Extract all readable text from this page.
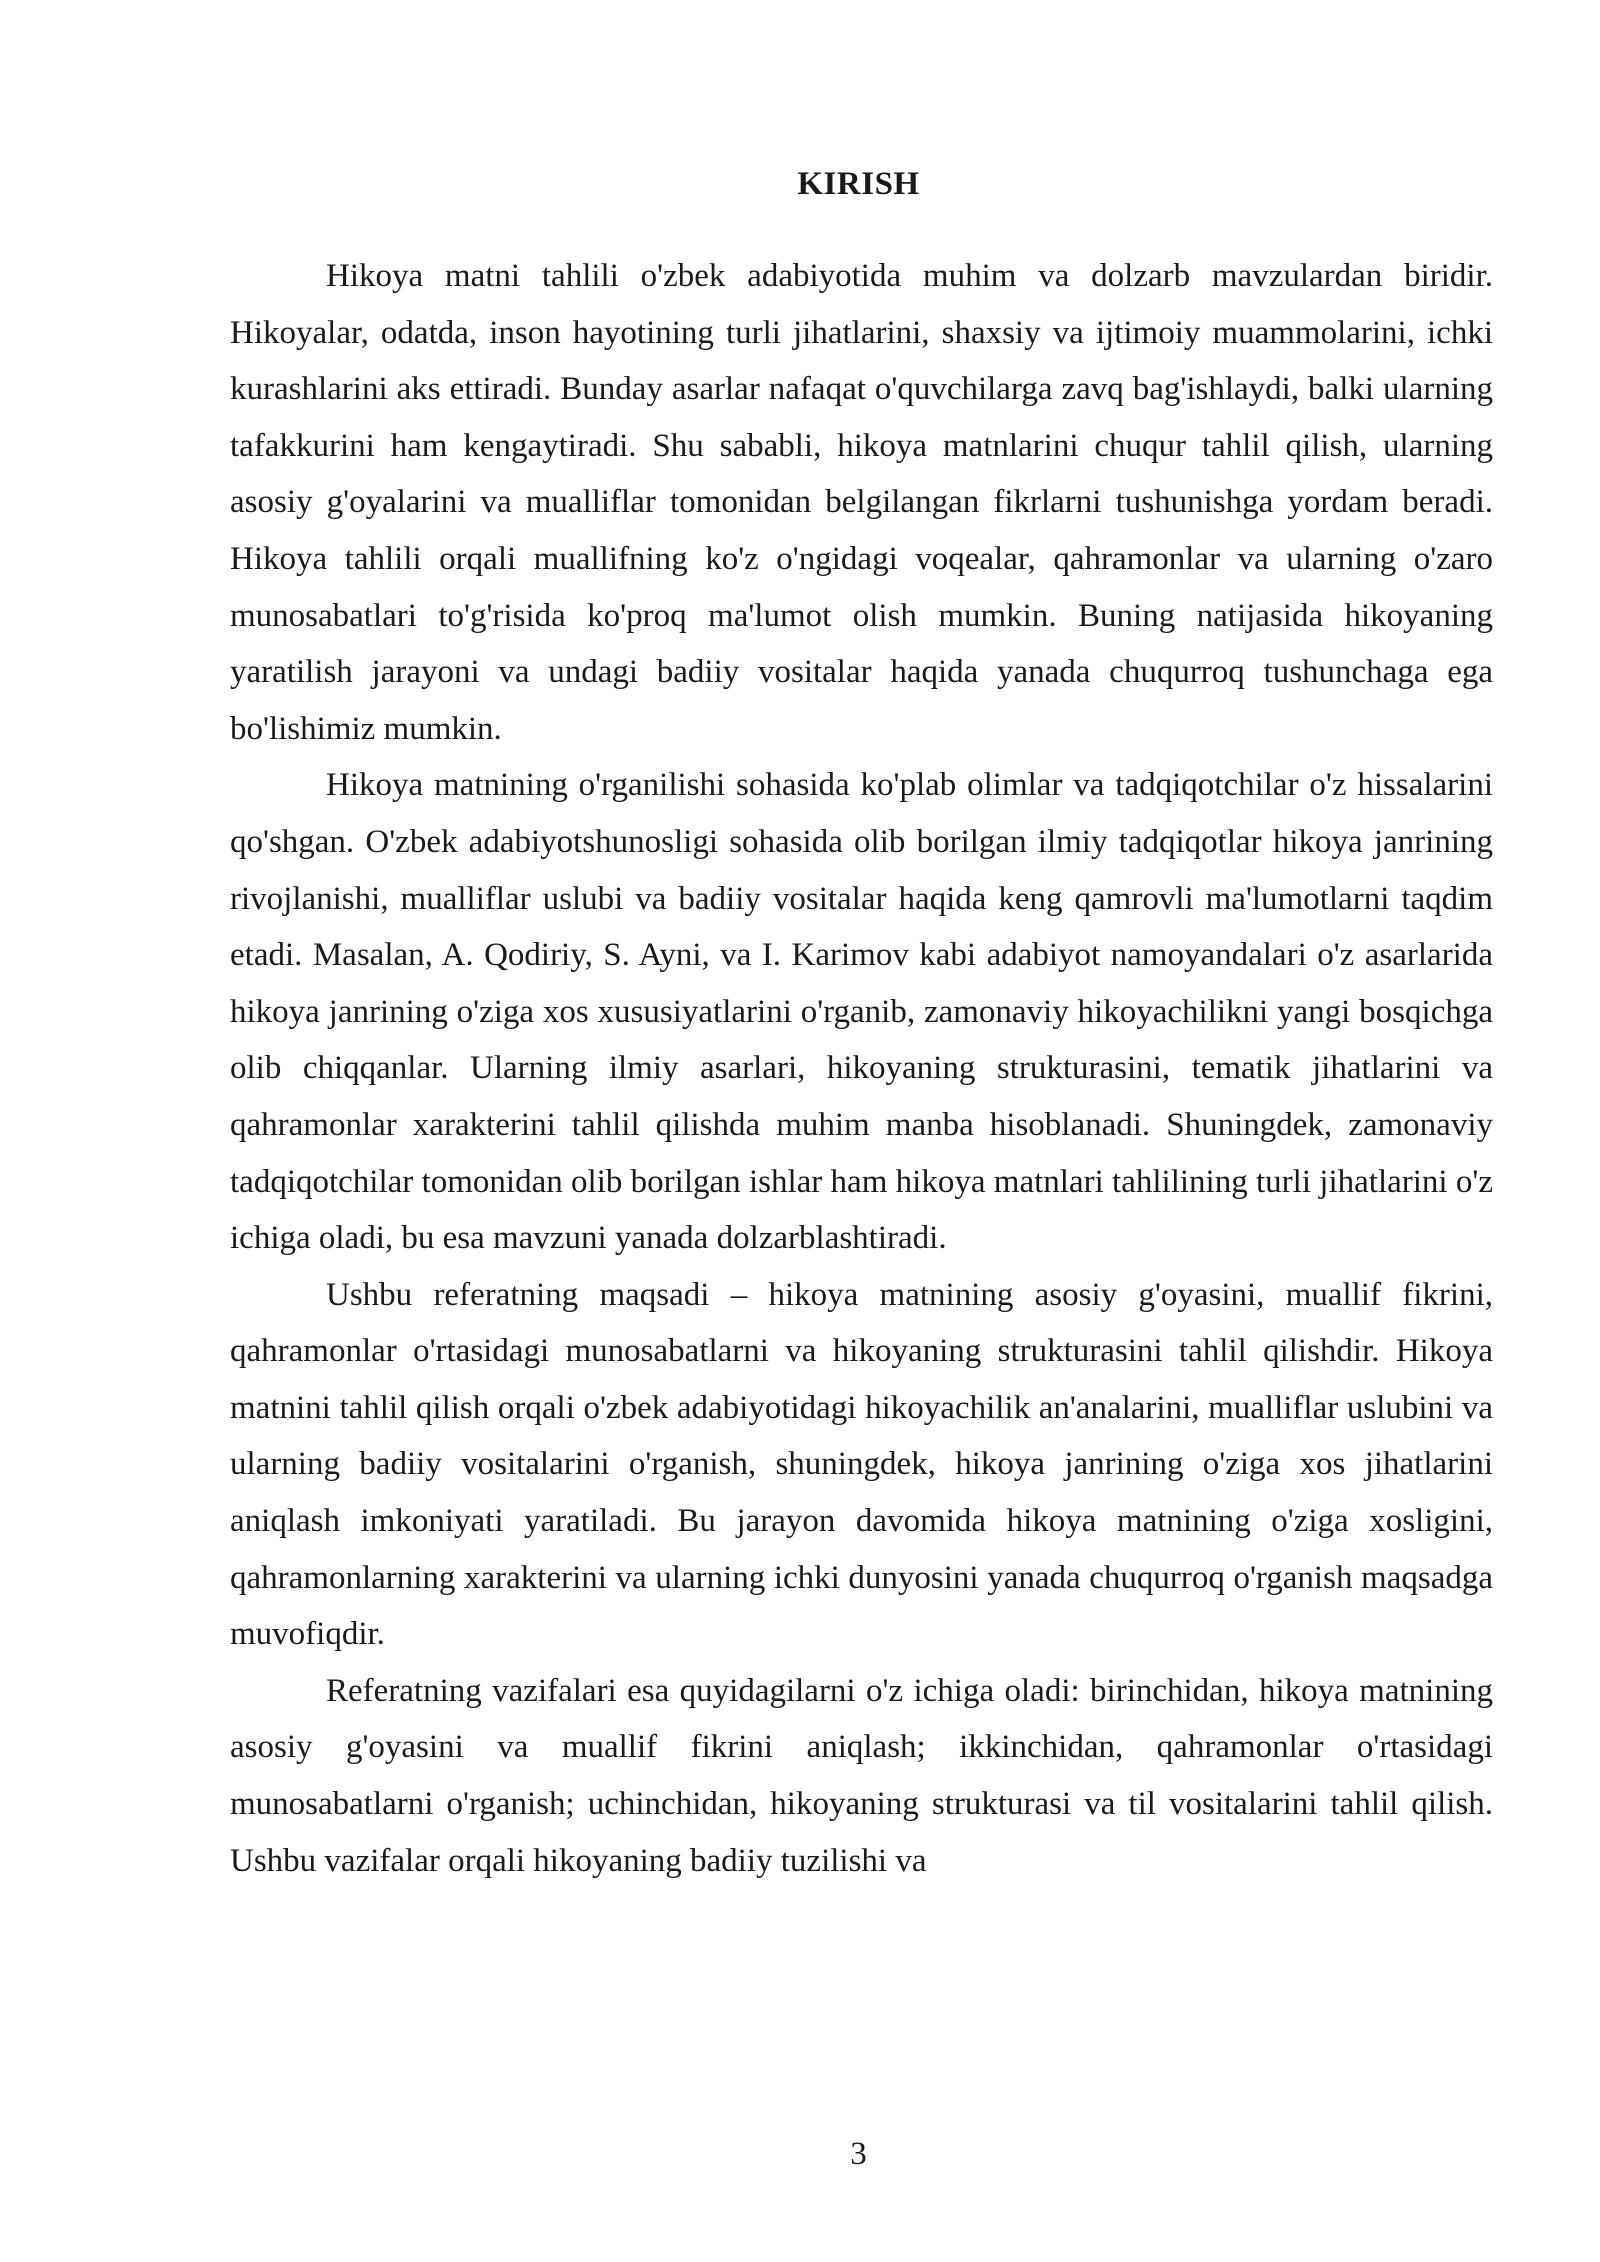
KIRISH

Hikoya matni tahlili o'zbek adabiyotida muhim va dolzarb mavzulardan biridir. Hikoyalar, odatda, inson hayotining turli jihatlarini, shaxsiy va ijtimoiy muammolarini, ichki kurashlarini aks ettiradi. Bunday asarlar nafaqat o'quvchilarga zavq bag'ishlaydi, balki ularning tafakkurini ham kengaytiradi. Shu sababli, hikoya matnlarini chuqur tahlil qilish, ularning asosiy g'oyalarini va mualliflar tomonidan belgilangan fikrlarni tushunishga yordam beradi. Hikoya tahlili orqali muallifning ko'z o'ngidagi voqealar, qahramonlar va ularning o'zaro munosabatlari to'g'risida ko'proq ma'lumot olish mumkin. Buning natijasida hikoyaning yaratilish jarayoni va undagi badiiy vositalar haqida yanada chuqurroq tushunchaga ega bo'lishimiz mumkin.

Hikoya matnining o'rganilishi sohasida ko'plab olimlar va tadqiqotchilar o'z hissalarini qo'shgan. O'zbek adabiyotshunosligi sohasida olib borilgan ilmiy tadqiqotlar hikoya janrining rivojlanishi, mualliflar uslubi va badiiy vositalar haqida keng qamrovli ma'lumotlarni taqdim etadi. Masalan, A. Qodiriy, S. Ayni, va I. Karimov kabi adabiyot namoyandalari o'z asarlarida hikoya janrining o'ziga xos xususiyatlarini o'rganib, zamonaviy hikoyachilikni yangi bosqichga olib chiqqanlar. Ularning ilmiy asarlari, hikoyaning strukturasini, tematik jihatlarini va qahramonlar xarakterini tahlil qilishda muhim manba hisoblanadi. Shuningdek, zamonaviy tadqiqotchilar tomonidan olib borilgan ishlar ham hikoya matnlari tahlilining turli jihatlarini o'z ichiga oladi, bu esa mavzuni yanada dolzarblashtiradi.

Ushbu referatning maqsadi – hikoya matnining asosiy g'oyasini, muallif fikrini, qahramonlar o'rtasidagi munosabatlarni va hikoyaning strukturasini tahlil qilishdir. Hikoya matnini tahlil qilish orqali o'zbek adabiyotidagi hikoyachilik an'analarini, mualliflar uslubini va ularning badiiy vositalarini o'rganish, shuningdek, hikoya janrining o'ziga xos jihatlarini aniqlash imkoniyati yaratiladi. Bu jarayon davomida hikoya matnining o'ziga xosligini, qahramonlarning xarakterini va ularning ichki dunyosini yanada chuqurroq o'rganish maqsadga muvofiqdir.

Referatning vazifalari esa quyidagilarni o'z ichiga oladi: birinchidan, hikoya matnining asosiy g'oyasini va muallif fikrini aniqlash; ikkinchidan, qahramonlar o'rtasidagi munosabatlarni o'rganish; uchinchidan, hikoyaning strukturasi va til vositalarini tahlil qilish. Ushbu vazifalar orqali hikoyaning badiiy tuzilishi va

3
